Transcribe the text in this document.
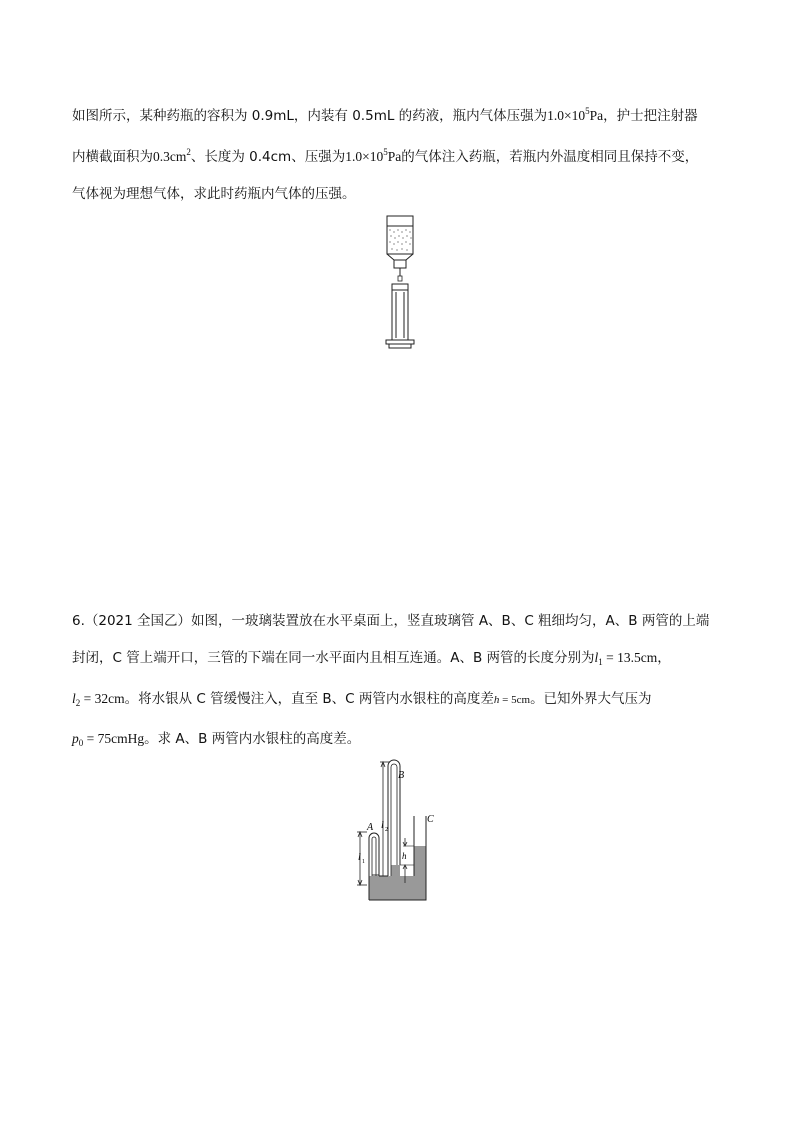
如图所示，某种药瓶的容积为 0.9mL，内装有 0.5mL 的药液，瓶内气体压强为$1.0\times 10^5Pa$，护士把注射器
内横截面积为$0.3cm^2$、长度为 0.4cm、压强为$1.0\times 10^5Pa$的气体注入药瓶，若瓶内外温度相同且保持不变，
气体视为理想气体，求此时药瓶内气体的压强。
6.（2021 全国乙）如图，一玻璃装置放在水平桌面上，竖直玻璃管 A、B、C 粗细均匀，A、B 两管的上端
封闭，C 管上端开口，三管的下端在同一水平面内且相互连通。A、B 两管的长度分别为$l_1 = 13.5cm$，
$l_2 = 32cm$。将水银从 C 管缓慢注入，直至 B、C 两管内水银柱的高度差h = 5cm。已知外界大气压为
$p_0$ = 75cmHg。求 A、B 两管内水银柱的高度差。
A
B
C
l 1
l 2
h
